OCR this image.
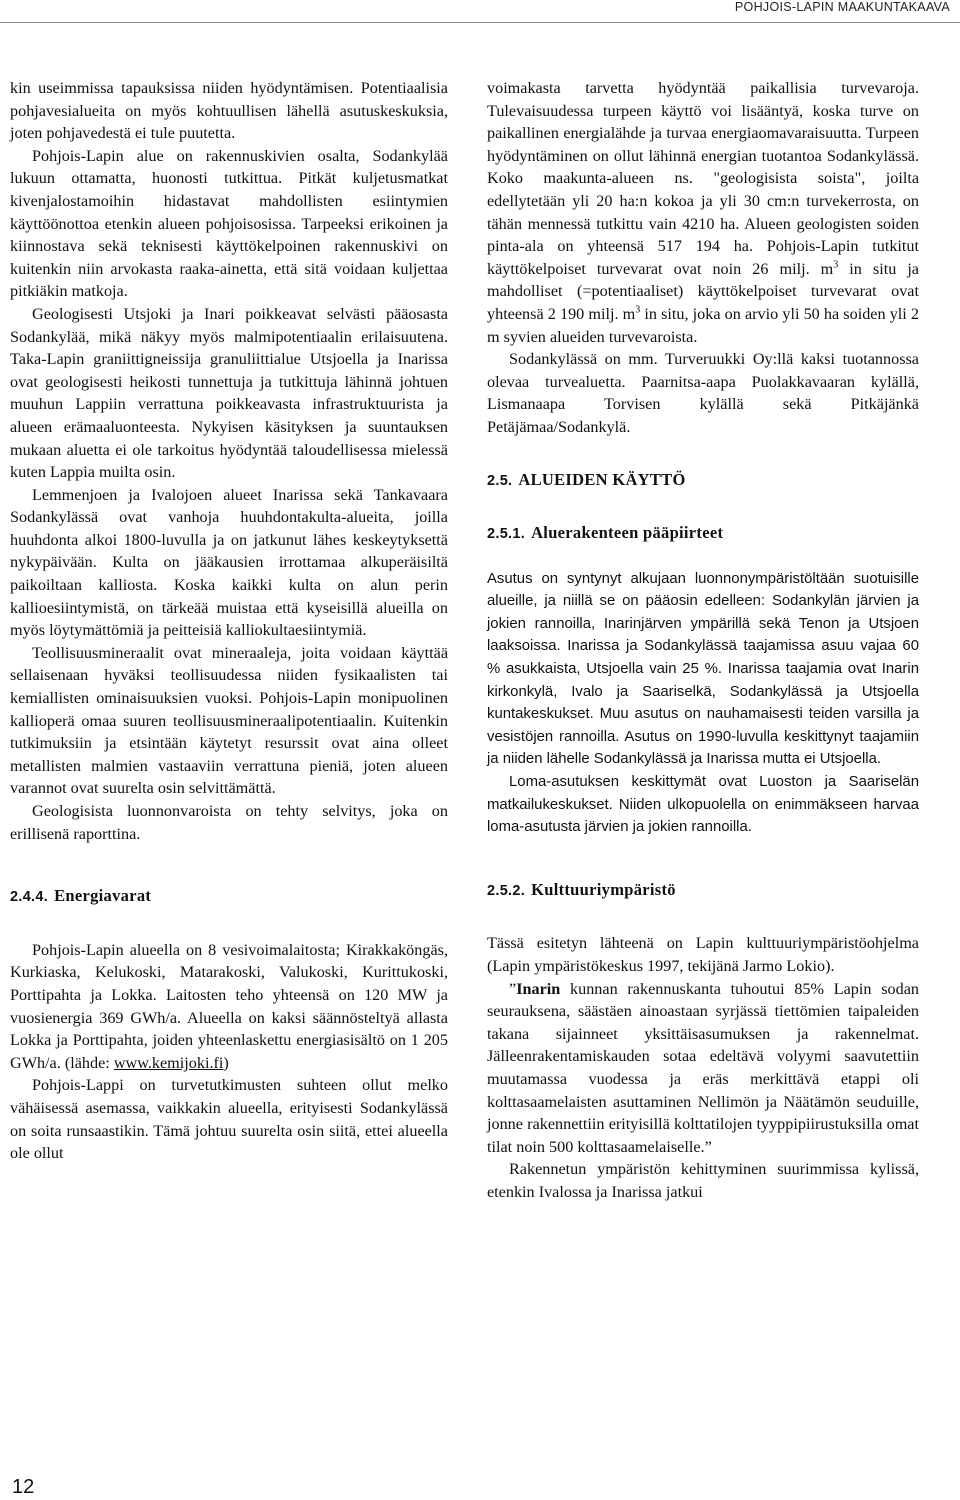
POHJOIS-LAPIN MAAKUNTAKAAVA

kin useimmissa tapauksissa niiden hyödyntämisen. Potentiaalisia pohjavesialueita on myös kohtuullisen lähellä asutuskeskuksia, joten pohjavedestä ei tule puutetta.

Pohjois-Lapin alue on rakennuskivien osalta, Sodankylää lukuun ottamatta, huonosti tutkittua. Pitkät kuljetusmatkat kivenjalostamoihin hidastavat mahdollisten esiintymien käyttöönottoa etenkin alueen pohjoisosissa. Tarpeeksi erikoinen ja kiinnostava sekä teknisesti käyttökelpoinen rakennuskivi on kuitenkin niin arvokasta raaka-ainetta, että sitä voidaan kuljettaa pitkiäkin matkoja.

Geologisesti Utsjoki ja Inari poikkeavat selvästi pääosasta Sodankylää, mikä näkyy myös malmipotentiaalin erilaisuutena. Taka-Lapin graniittigneissija granuliittialue Utsjoella ja Inarissa ovat geologisesti heikosti tunnettuja ja tutkittuja lähinnä johtuen muuhun Lappiin verrattuna poikkeavasta infrastruktuurista ja alueen erämaaluonteesta. Nykyisen käsityksen ja suuntauksen mukaan aluetta ei ole tarkoitus hyödyntää taloudellisessa mielessä kuten Lappia muilta osin.

Lemmenjoen ja Ivalojoen alueet Inarissa sekä Tankavaara Sodankylässä ovat vanhoja huuhdontakulta-alueita, joilla huuhdonta alkoi 1800-luvulla ja on jatkunut lähes keskeytyksettä nykypäivään. Kulta on jääkausien irrottamaa alkuperäisiltä paikoiltaan kalliosta. Koska kaikki kulta on alun perin kallioesiintymistä, on tärkeää muistaa että kyseisillä alueilla on myös löytymättömiä ja peitteisiä kalliokultaesiintymiä.

Teollisuusmineraalit ovat mineraaleja, joita voidaan käyttää sellaisenaan hyväksi teollisuudessa niiden fysikaalisten tai kemiallisten ominaisuuksien vuoksi. Pohjois-Lapin monipuolinen kallioperä omaa suuren teollisuusmineraalipotentiaalin. Kuitenkin tutkimuksiin ja etsintään käytetyt resurssit ovat aina olleet metallisten malmien vastaaviin verrattuna pieniä, joten alueen varannot ovat suurelta osin selvittämättä.

Geologisista luonnonvaroista on tehty selvitys, joka on erillisenä raporttina.

2.4.4. Energiavarat

Pohjois-Lapin alueella on 8 vesivoimalaitosta; Kirakkaköngäs, Kurkiaska, Kelukoski, Matarakoski, Valukoski, Kurittukoski, Porttipahta ja Lokka. Laitosten teho yhteensä on 120 MW ja vuosienergia 369 GWh/a. Alueella on kaksi säännösteltyä allasta Lokka ja Porttipahta, joiden yhteenlaskettu energiasisältö on 1 205 GWh/a. (lähde: www.kemijoki.fi)

Pohjois-Lappi on turvetutkimusten suhteen ollut melko vähäisessä asemassa, vaikkakin alueella, erityisesti Sodankylässä on soita runsaastikin. Tämä johtuu suurelta osin siitä, ettei alueella ole ollut

voimakasta tarvetta hyödyntää paikallisia turvevaroja. Tulevaisuudessa turpeen käyttö voi lisääntyä, koska turve on paikallinen energialähde ja turvaa energiaomavaraisuutta. Turpeen hyödyntäminen on ollut lähinnä energian tuotantoa Sodankylässä. Koko maakunta-alueen ns. "geologisista soista", joilta edellytetään yli 20 ha:n kokoa ja yli 30 cm:n turvekerrosta, on tähän mennessä tutkittu vain 4210 ha. Alueen geologisten soiden pinta-ala on yhteensä 517 194 ha. Pohjois-Lapin tutkitut käyttökelpoiset turvevarat ovat noin 26 milj. $m^3$ in situ ja mahdolliset (=potentiaaliset) käyttökelpoiset turvevarat ovat yhteensä 2 190 milj. $m^3$ in situ, joka on arvio yli 50 ha soiden yli 2 m syvien alueiden turvevaroista.

Sodankylässä on mm. Turveruukki Oy:llä kaksi tuotannossa olevaa turvealuetta. Paarnitsa-aapa Puolakkavaaran kylällä, Lismanaapa Torvisen kylällä sekä Pitkäjänkä Petäjämaa/Sodankylä.

2.5. ALUEIDEN KÄYTTÖ
2.5.1. Aluerakenteen pääpiirteet

Asutus on syntynyt alkujaan luonnonympäristöltään suotuisille alueille, ja niillä se on pääosin edelleen: Sodankylän järvien ja jokien rannoilla, Inarinjärven ympärillä sekä Tenon ja Utsjoen laaksoissa. Inarissa ja Sodankylässä taajamissa asuu vajaa 60 % asukkaista, Utsjoella vain 25 %. Inarissa taajamia ovat Inarin kirkonkylä, Ivalo ja Saariselkä, Sodankylässä ja Utsjoella kuntakeskukset. Muu asutus on nauhamaisesti teiden varsilla ja vesistöjen rannoilla. Asutus on 1990-luvulla keskittynyt taajamiin ja niiden lähelle Sodankylässä ja Inarissa mutta ei Utsjoella.

Loma-asutuksen keskittymät ovat Luoston ja Saariselän matkailukeskukset. Niiden ulkopuolella on enimmäkseen harvaa loma-asutusta järvien ja jokien rannoilla.

2.5.2. Kulttuuriympäristö

Tässä esitetyn lähteenä on Lapin kulttuuriympäristöohjelma (Lapin ympäristökeskus 1997, tekijänä Jarmo Lokio).

”Inarin kunnan rakennuskanta tuhoutui 85% Lapin sodan seurauksena, säästäen ainoastaan syrjässä tiettömien taipaleiden takana sijainneet yksittäisasumuksen ja rakennelmat. Jälleenrakentamiskauden sotaa edeltävä volyymi saavutettiin muutamassa vuodessa ja eräs merkittävä etappi oli kolttasaamelaisten asuttaminen Nellimön ja Näätämön seuduille, jonne rakennettiin erityisillä kolttatilojen tyyppipiirustuksilla omat tilat noin 500 kolttasaamelaiselle.”

Rakennetun ympäristön kehittyminen suurimmissa kylissä, etenkin Ivalossa ja Inarissa jatkui

12
